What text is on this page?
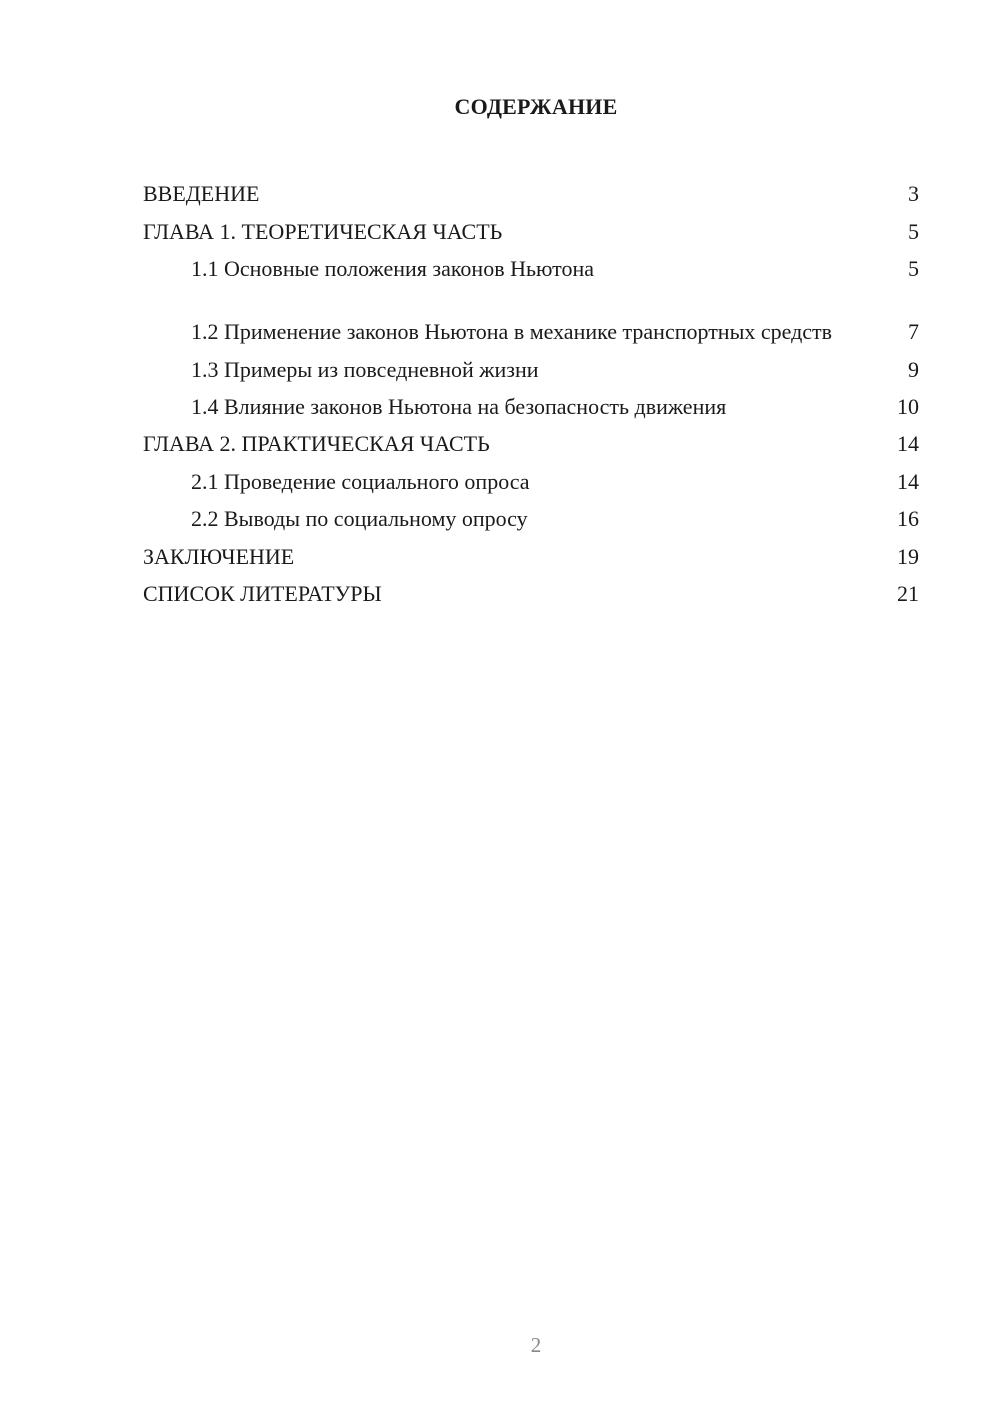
СОДЕРЖАНИЕ
ВВЕДЕНИЕ	3
ГЛАВА 1. ТЕОРЕТИЧЕСКАЯ ЧАСТЬ	5
1.1 Основные положения законов Ньютона	5
1.2 Применение законов Ньютона в механике транспортных средств	7
1.3 Примеры из повседневной жизни	9
1.4 Влияние законов Ньютона на безопасность движения	10
ГЛАВА 2. ПРАКТИЧЕСКАЯ ЧАСТЬ	14
2.1 Проведение социального опроса	14
2.2 Выводы по социальному опросу	16
ЗАКЛЮЧЕНИЕ	19
СПИСОК ЛИТЕРАТУРЫ	21
2
